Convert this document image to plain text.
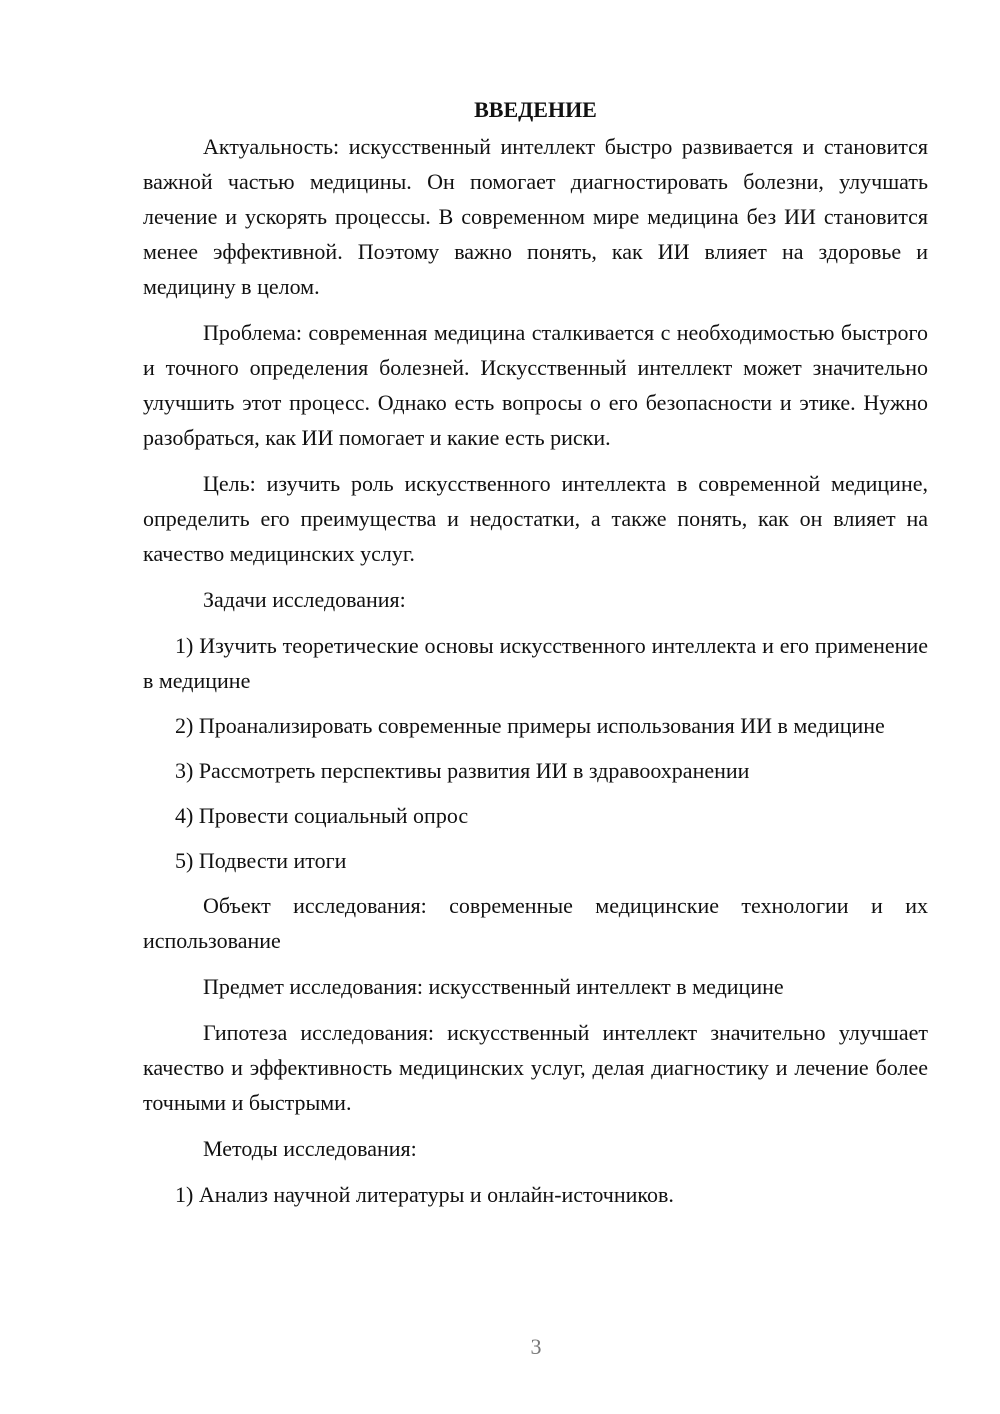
ВВЕДЕНИЕ

Актуальность: искусственный интеллект быстро развивается и становится важной частью медицины. Он помогает диагностировать болезни, улучшать лечение и ускорять процессы. В современном мире медицина без ИИ становится менее эффективной. Поэтому важно понять, как ИИ влияет на здоровье и медицину в целом.

Проблема: современная медицина сталкивается с необходимостью быстрого и точного определения болезней. Искусственный интеллект может значительно улучшить этот процесс. Однако есть вопросы о его безопасности и этике. Нужно разобраться, как ИИ помогает и какие есть риски.

Цель: изучить роль искусственного интеллекта в современной медицине, определить его преимущества и недостатки, а также понять, как он влияет на качество медицинских услуг.

Задачи исследования:

1) Изучить теоретические основы искусственного интеллекта и его применение в медицине

2) Проанализировать современные примеры использования ИИ в медицине

3) Рассмотреть перспективы развития ИИ в здравоохранении

4) Провести социальный опрос

5) Подвести итоги

Объект исследования: современные медицинские технологии и их использование

Предмет исследования: искусственный интеллект в медицине

Гипотеза исследования: искусственный интеллект значительно улучшает качество и эффективность медицинских услуг, делая диагностику и лечение более точными и быстрыми.

Методы исследования:

1) Анализ научной литературы и онлайн-источников.

3
